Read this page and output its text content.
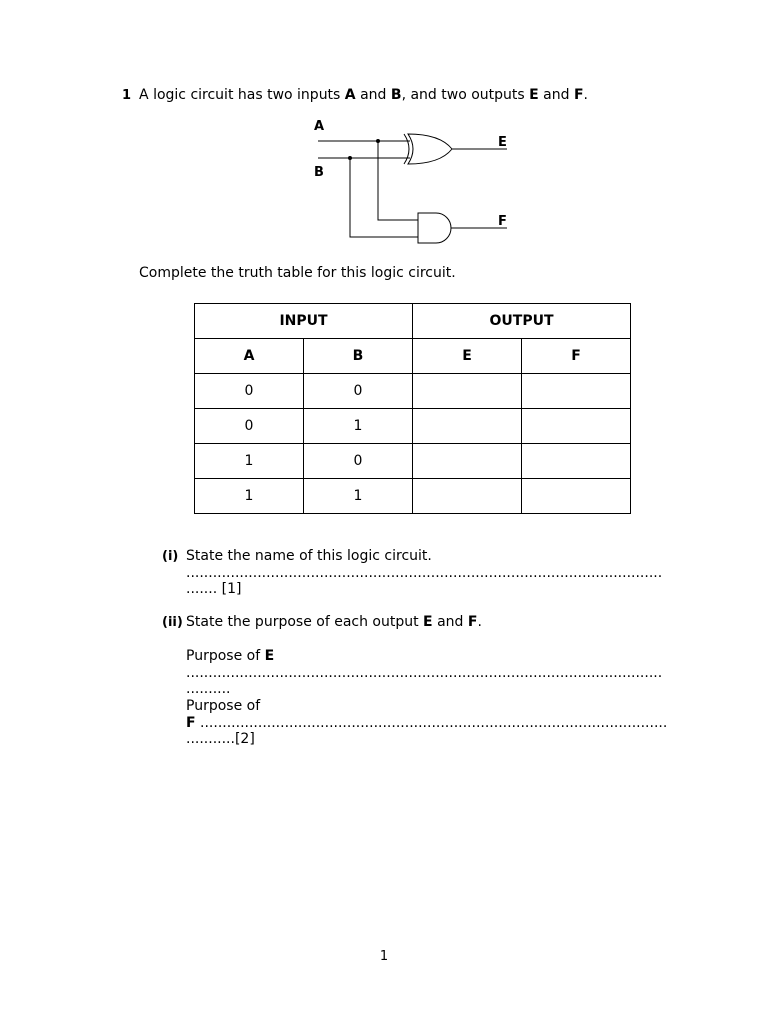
1 A logic circuit has two inputs A and B, and two outputs E and F.
A
B
E
F
Complete the truth table for this logic circuit.
INPUT		OUTPUT	
A	B	E	F
0	0		
0	1		
1	0		
1	1		
(i) State the name of this logic circuit.
...........................................................................................................
....... [1]
(ii) State the purpose of each output E and F.
Purpose of E
...........................................................................................................
..........
Purpose of
F .........................................................................................................
...........[2]
1
